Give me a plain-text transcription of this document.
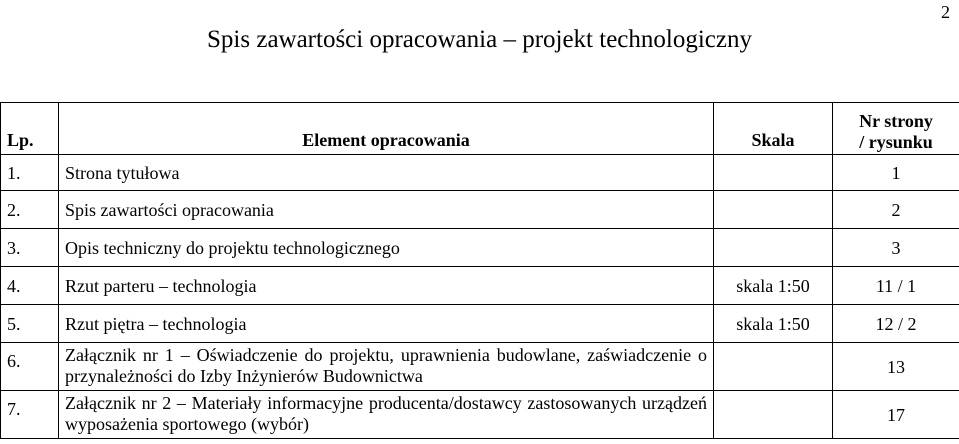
2
Spis zawartości opracowania – projekt technologiczny
Lp.	Element opracowania	Skala	Nr strony
/ rysunku
1.	Strona tytułowa		1
2.	Spis zawartości opracowania		2
3.	Opis techniczny do projektu technologicznego		3
4.	Rzut parteru – technologia	skala 1:50	11 / 1
5.	Rzut piętra – technologia	skala 1:50	12 / 2
6.	Załącznik nr 1 – Oświadczenie do projektu, uprawnienia budowlane, zaświadczenie o przynależności do Izby Inżynierów Budownictwa		13
7.	Załącznik nr 2 – Materiały informacyjne producenta/dostawcy zastosowanych urządzeń wyposażenia sportowego (wybór)		17
